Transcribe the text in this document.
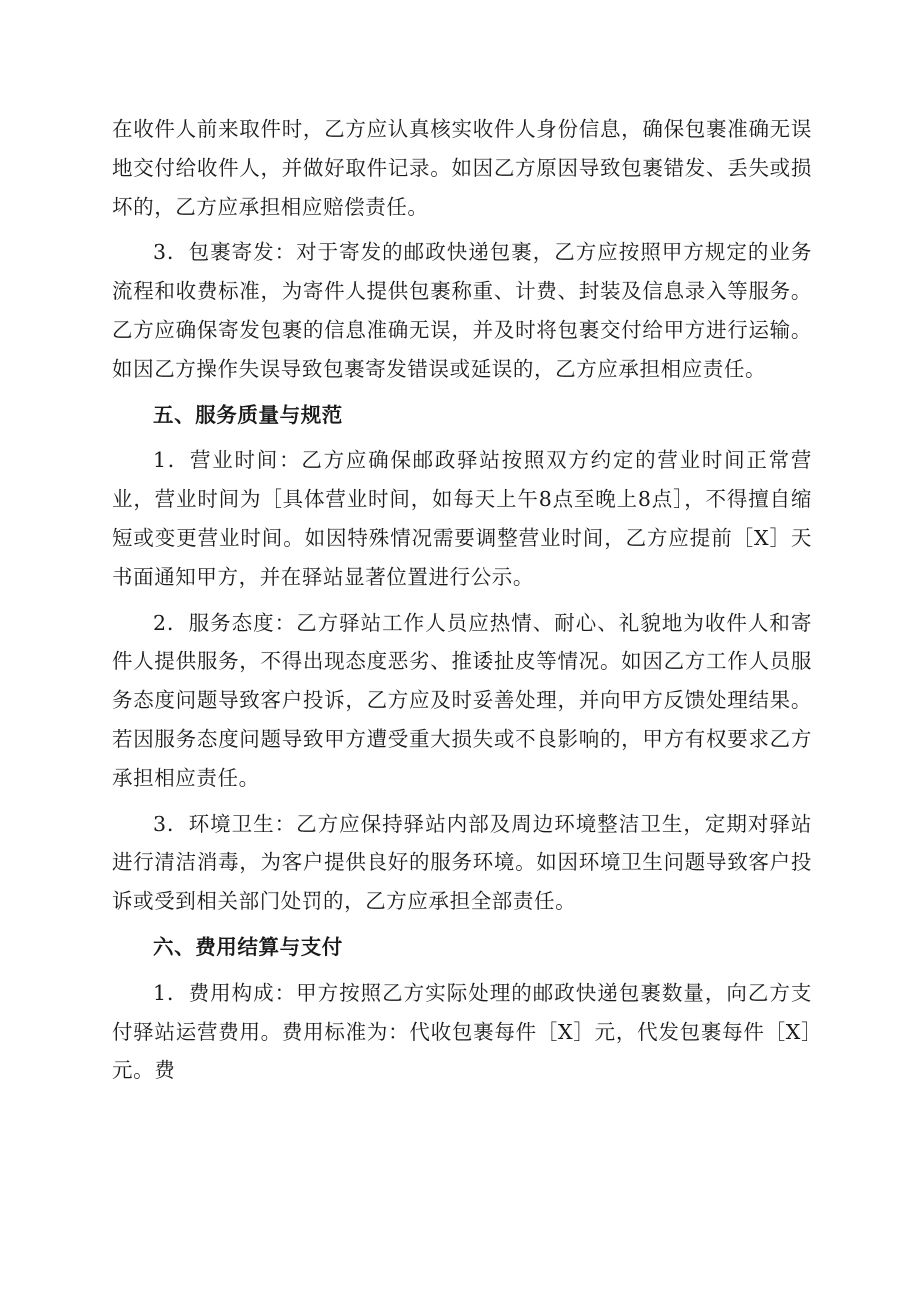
在收件人前来取件时，乙方应认真核实收件人身份信息，确保包裹准确无误地交付给收件人，并做好取件记录。如因乙方原因导致包裹错发、丢失或损坏的，乙方应承担相应赔偿责任。

3．包裹寄发：对于寄发的邮政快递包裹，乙方应按照甲方规定的业务流程和收费标准，为寄件人提供包裹称重、计费、封装及信息录入等服务。乙方应确保寄发包裹的信息准确无误，并及时将包裹交付给甲方进行运输。如因乙方操作失误导致包裹寄发错误或延误的，乙方应承担相应责任。

五、服务质量与规范

1．营业时间：乙方应确保邮政驿站按照双方约定的营业时间正常营业，营业时间为［具体营业时间，如每天上午8点至晚上8点］，不得擅自缩短或变更营业时间。如因特殊情况需要调整营业时间，乙方应提前［X］天书面通知甲方，并在驿站显著位置进行公示。

2．服务态度：乙方驿站工作人员应热情、耐心、礼貌地为收件人和寄件人提供服务，不得出现态度恶劣、推诿扯皮等情况。如因乙方工作人员服务态度问题导致客户投诉，乙方应及时妥善处理，并向甲方反馈处理结果。若因服务态度问题导致甲方遭受重大损失或不良影响的，甲方有权要求乙方承担相应责任。

3．环境卫生：乙方应保持驿站内部及周边环境整洁卫生，定期对驿站进行清洁消毒，为客户提供良好的服务环境。如因环境卫生问题导致客户投诉或受到相关部门处罚的，乙方应承担全部责任。

六、费用结算与支付

1．费用构成：甲方按照乙方实际处理的邮政快递包裹数量，向乙方支付驿站运营费用。费用标准为：代收包裹每件［X］元，代发包裹每件［X］元。费
